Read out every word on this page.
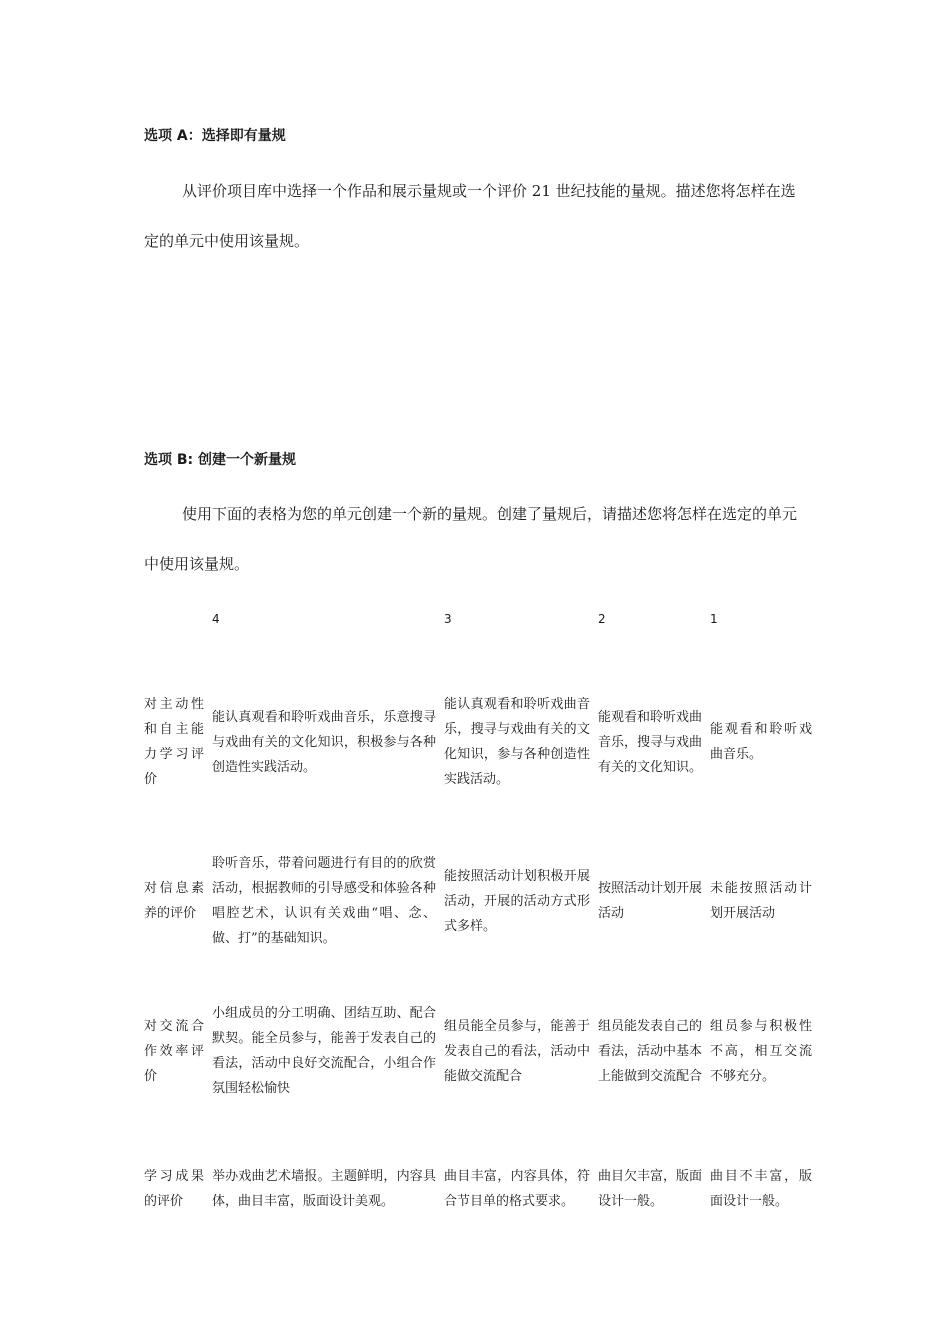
选项 A：选择即有量规
从评价项目库中选择一个作品和展示量规或一个评价 21 世纪技能的量规。描述您将怎样在选定的单元中使用该量规。
选项 B: 创建一个新量规
使用下面的表格为您的单元创建一个新的量规。创建了量规后，请描述您将怎样在选定的单元中使用该量规。
	4	3	2	1

对主动性和自主能力学习评价	能认真观看和聆听戏曲音乐，乐意搜寻与戏曲有关的文化知识，积极参与各种创造性实践活动。	能认真观看和聆听戏曲音乐，搜寻与戏曲有关的文化知识，参与各种创造性实践活动。	能观看和聆听戏曲音乐，搜寻与戏曲有关的文化知识。	能观看和聆听戏曲音乐。

对信息素养的评价	聆听音乐，带着问题进行有目的的欣赏活动，根据教师的引导感受和体验各种唱腔艺术，认识有关戏曲“唱、念、做、打”的基础知识。	能按照活动计划积极开展活动，开展的活动方式形式多样。	按照活动计划开展活动	未能按照活动计划开展活动

对交流合作效率评价	小组成员的分工明确、团结互助、配合默契。能全员参与，能善于发表自己的看法，活动中良好交流配合，小组合作氛围轻松愉快	组员能全员参与，能善于发表自己的看法，活动中能做交流配合	组员能发表自己的看法，活动中基本上能做到交流配合	组员参与积极性不高，相互交流不够充分。

学习成果的评价	举办戏曲艺术墙报。主题鲜明，内容具体，曲目丰富，版面设计美观。	曲目丰富，内容具体，符合节目单的格式要求。	曲目欠丰富，版面设计一般。	曲目不丰富，版面设计一般。
